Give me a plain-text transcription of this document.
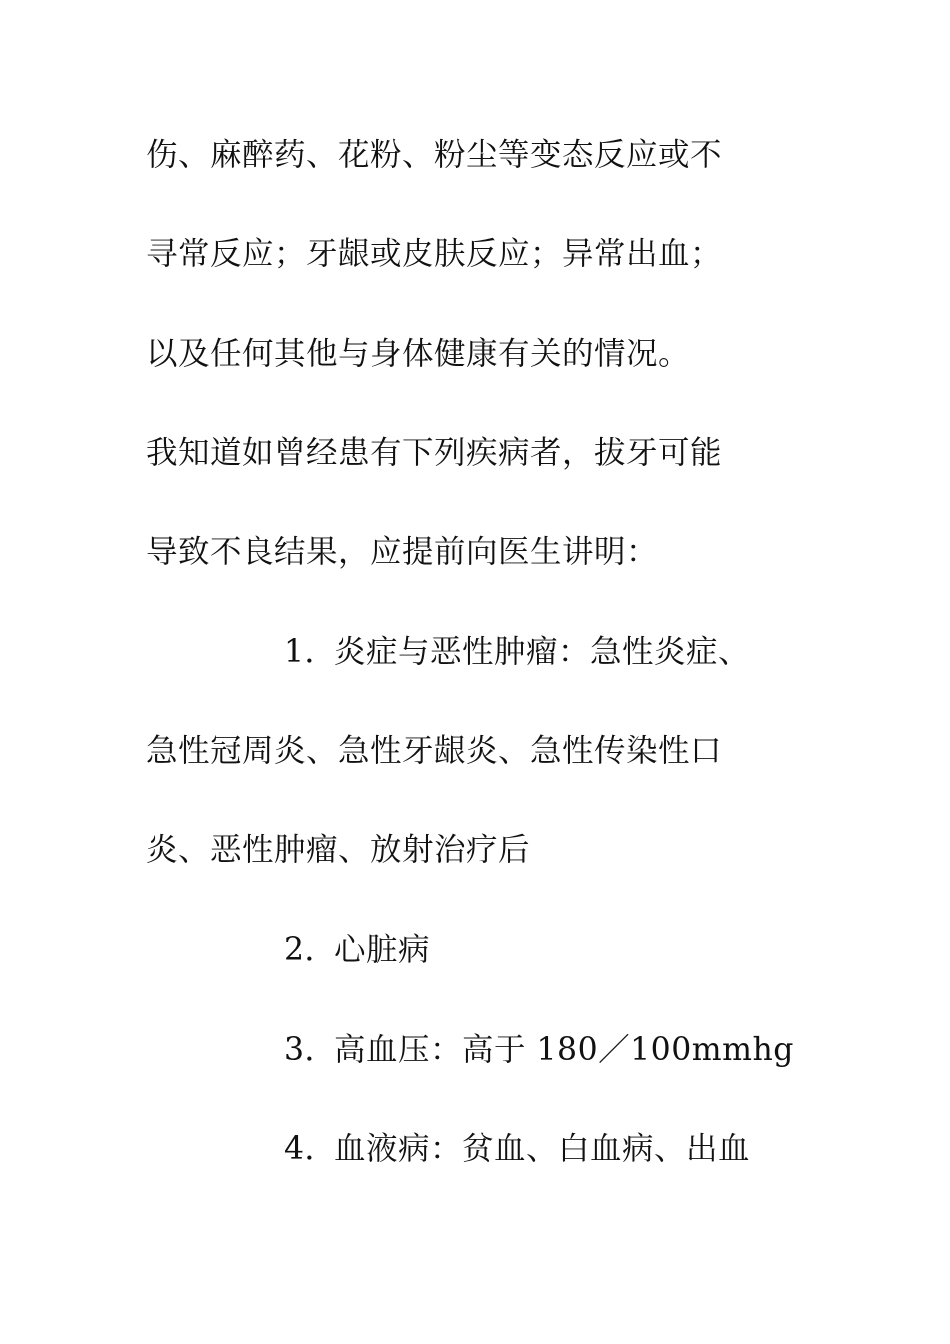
伤、麻醉药、花粉、粉尘等变态反应或不
寻常反应；牙龈或皮肤反应；异常出血；
以及任何其他与身体健康有关的情况。
我知道如曾经患有下列疾病者，拔牙可能
导致不良结果，应提前向医生讲明：
1．炎症与恶性肿瘤：急性炎症、
急性冠周炎、急性牙龈炎、急性传染性口
炎、恶性肿瘤、放射治疗后
2．心脏病
3．高血压：高于 180／100mmhg
4．血液病：贫血、白血病、出血
